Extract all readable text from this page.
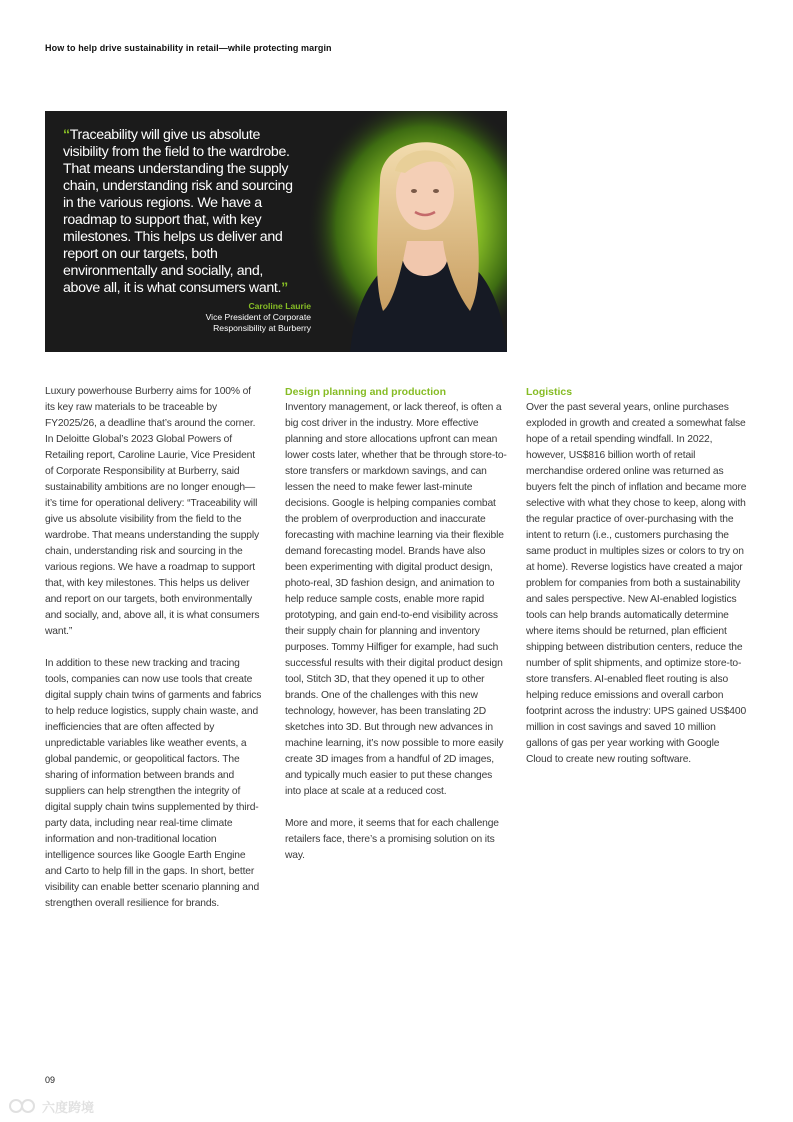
How to help drive sustainability in retail—while protecting margin
“Traceability will give us absolute
visibility from the field to the wardrobe.
That means understanding the supply
chain, understanding risk and sourcing
in the various regions. We have a
roadmap to support that, with key
milestones. This helps us deliver and
report on our targets, both
environmentally and socially, and,
above all, it is what consumers want.”
Caroline Laurie
Vice President of Corporate
Responsibility at Burberry

Luxury powerhouse Burberry aims for 100% of its key raw materials to be traceable by FY2025/26, a deadline that’s around the corner. In Deloitte Global’s 2023 Global Powers of Retailing report, Caroline Laurie, Vice President of Corporate Responsibility at Burberry, said sustainability ambitions are no longer enough—it’s time for operational delivery: “Traceability will give us absolute visibility from the field to the wardrobe. That means understanding the supply chain, understanding risk and sourcing in the various regions. We have a roadmap to support that, with key milestones. This helps us deliver and report on our targets, both environmentally and socially, and, above all, it is what consumers want.”

In addition to these new tracking and tracing tools, companies can now use tools that create digital supply chain twins of garments and fabrics to help reduce logistics, supply chain waste, and inefficiencies that are often affected by unpredictable variables like weather events, a global pandemic, or geopolitical factors. The sharing of information between brands and suppliers can help strengthen the integrity of digital supply chain twins supplemented by third-party data, including near real-time climate information and non-traditional location intelligence sources like Google Earth Engine and Carto to help fill in the gaps. In short, better visibility can enable better scenario planning and strengthen overall resilience for brands.

Design planning and production

Inventory management, or lack thereof, is often a big cost driver in the industry. More effective planning and store allocations upfront can mean lower costs later, whether that be through store-to-store transfers or markdown savings, and can lessen the need to make fewer last-minute decisions. Google is helping companies combat the problem of overproduction and inaccurate forecasting with machine learning via their flexible demand forecasting model. Brands have also been experimenting with digital product design, photo-real, 3D fashion design, and animation to help reduce sample costs, enable more rapid prototyping, and gain end-to-end visibility across their supply chain for planning and inventory purposes. Tommy Hilfiger for example, had such successful results with their digital product design tool, Stitch 3D, that they opened it up to other brands. One of the challenges with this new technology, however, has been translating 2D sketches into 3D. But through new advances in machine learning, it’s now possible to more easily create 3D images from a handful of 2D images, and typically much easier to put these changes into place at scale at a reduced cost.

More and more, it seems that for each challenge retailers face, there’s a promising solution on its way.

Logistics

Over the past several years, online purchases exploded in growth and created a somewhat false hope of a retail spending windfall. In 2022, however, US$816 billion worth of retail merchandise ordered online was returned as buyers felt the pinch of inflation and became more selective with what they chose to keep, along with the regular practice of over-purchasing with the intent to return (i.e., customers purchasing the same product in multiples sizes or colors to try on at home). Reverse logistics have created a major problem for companies from both a sustainability and sales perspective. New AI-enabled logistics tools can help brands automatically determine where items should be returned, plan efficient shipping between distribution centers, reduce the number of split shipments, and optimize store-to-store transfers. AI-enabled fleet routing is also helping reduce emissions and overall carbon footprint across the industry: UPS gained US$400 million in cost savings and saved 10 million gallons of gas per year working with Google Cloud to create new routing software.

09
六度跨境
